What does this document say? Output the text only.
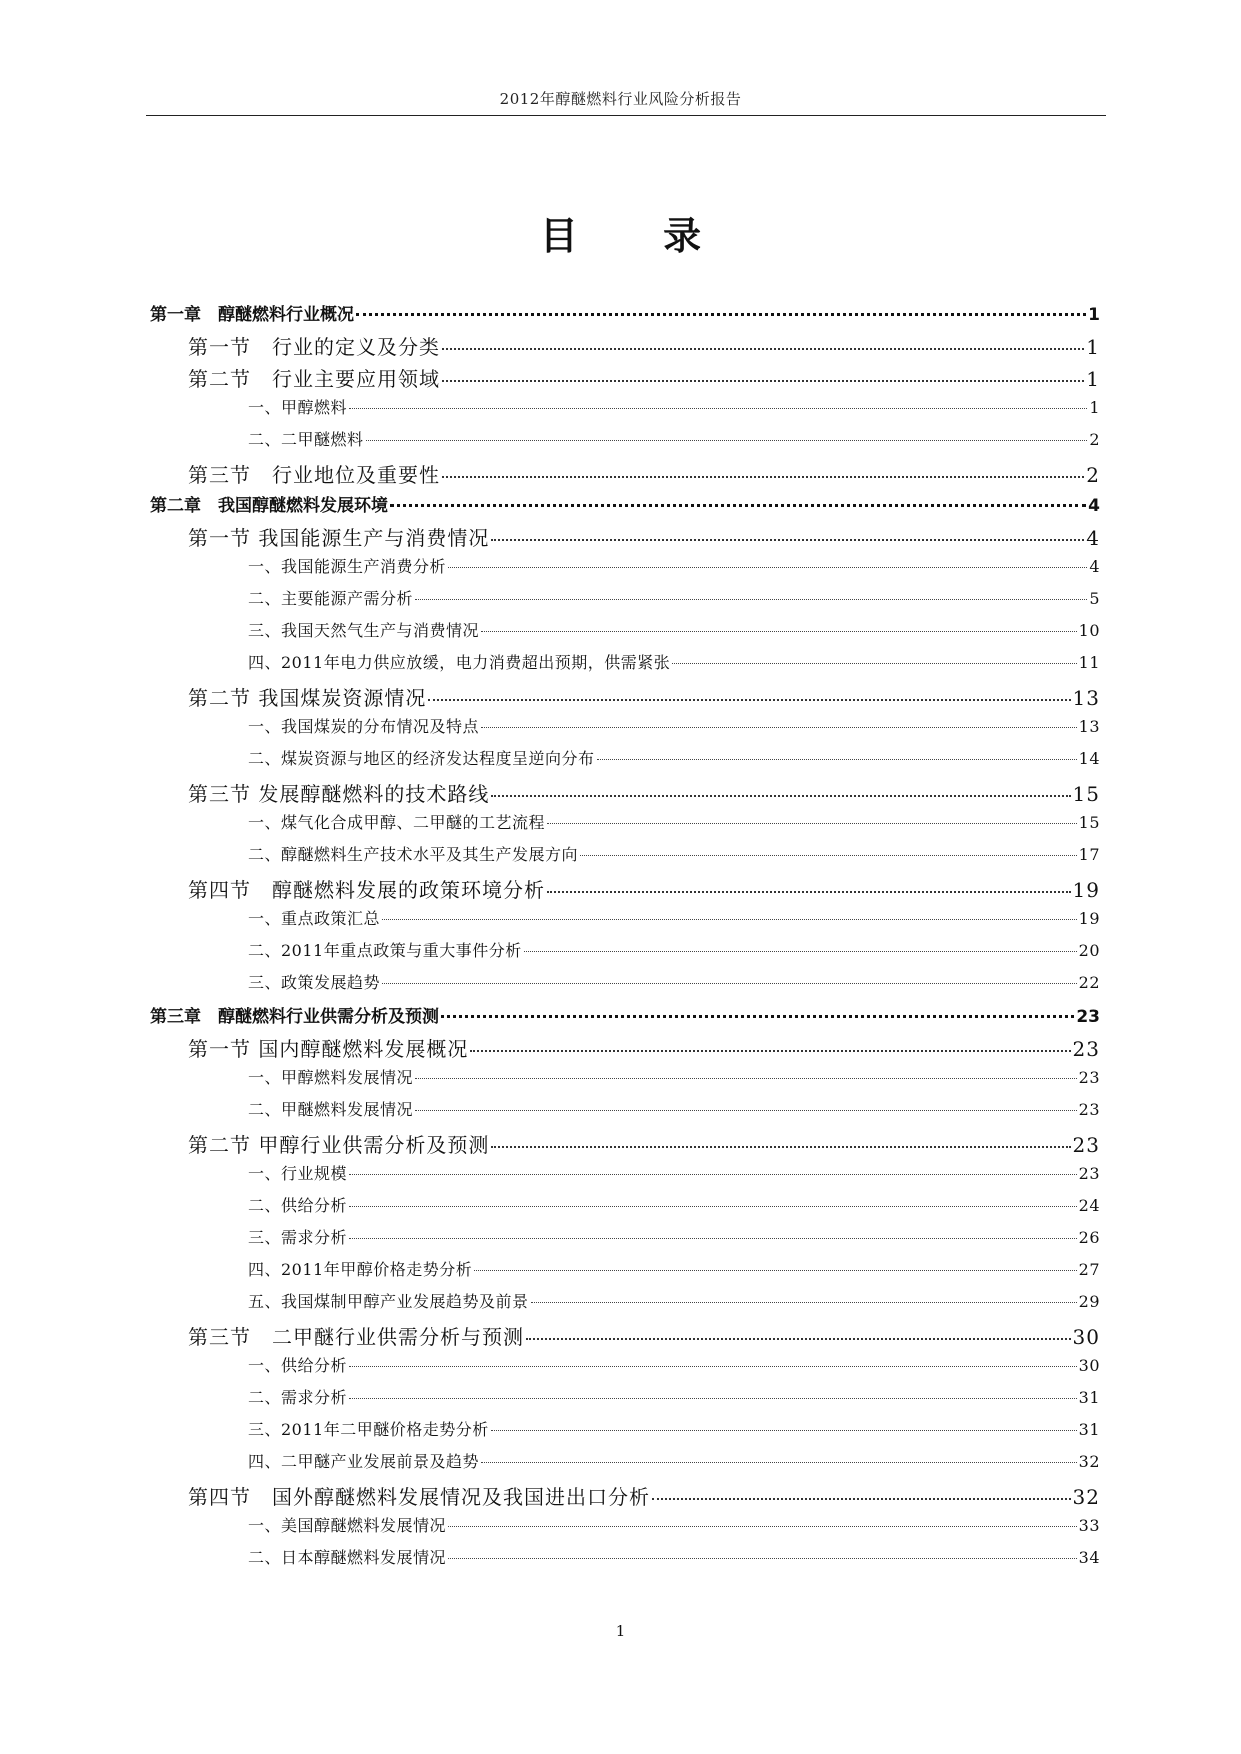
2012年醇醚燃料行业风险分析报告
目 录
第一章　醇醚燃料行业概况	1
第一节　行业的定义及分类	1
第二节　行业主要应用领域	1
一、甲醇燃料	1
二、二甲醚燃料	2
第三节　行业地位及重要性	2
第二章　我国醇醚燃料发展环境	4
第一节 我国能源生产与消费情况	4
一、我国能源生产消费分析	4
二、主要能源产需分析	5
三、我国天然气生产与消费情况	10
四、2011年电力供应放缓，电力消费超出预期，供需紧张	11
第二节 我国煤炭资源情况	13
一、我国煤炭的分布情况及特点	13
二、煤炭资源与地区的经济发达程度呈逆向分布	14
第三节 发展醇醚燃料的技术路线	15
一、煤气化合成甲醇、二甲醚的工艺流程	15
二、醇醚燃料生产技术水平及其生产发展方向	17
第四节　醇醚燃料发展的政策环境分析	19
一、重点政策汇总	19
二、2011年重点政策与重大事件分析	20
三、政策发展趋势	22
第三章　醇醚燃料行业供需分析及预测	23
第一节 国内醇醚燃料发展概况	23
一、甲醇燃料发展情况	23
二、甲醚燃料发展情况	23
第二节 甲醇行业供需分析及预测	23
一、行业规模	23
二、供给分析	24
三、需求分析	26
四、2011年甲醇价格走势分析	27
五、我国煤制甲醇产业发展趋势及前景	29
第三节　二甲醚行业供需分析与预测	30
一、供给分析	30
二、需求分析	31
三、2011年二甲醚价格走势分析	31
四、二甲醚产业发展前景及趋势	32
第四节　国外醇醚燃料发展情况及我国进出口分析	32
一、美国醇醚燃料发展情况	33
二、日本醇醚燃料发展情况	34
1
